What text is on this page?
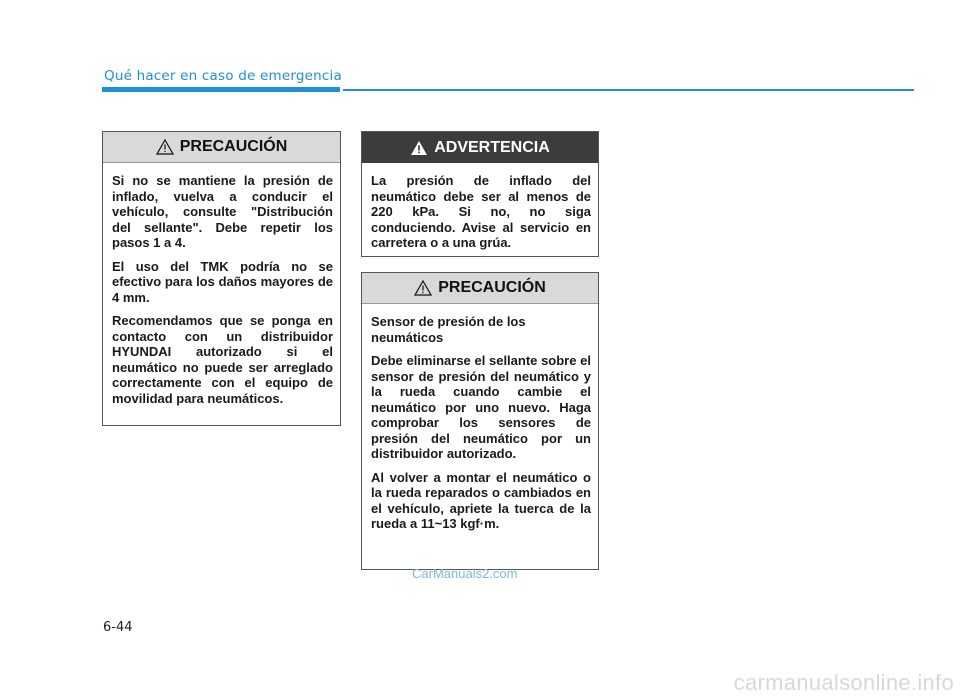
Qué hacer en caso de emergencia
PRECAUCIÓN

Si no se mantiene la presión de inflado, vuelva a conducir el vehículo, consulte "Distribución del sellante". Debe repetir los pasos 1 a 4.

El uso del TMK podría no se efectivo para los daños mayores de 4 mm.

Recomendamos que se ponga en contacto con un distribuidor HYUNDAI autorizado si el neumático no puede ser arreglado correctamente con el equipo de movilidad para neumáticos.

ADVERTENCIA

La presión de inflado del neumático debe ser al menos de 220 kPa. Si no, no siga conduciendo. Avise al servicio en carretera o a una grúa.

PRECAUCIÓN

Sensor de presión de los neumáticos

Debe eliminarse el sellante sobre el sensor de presión del neumático y la rueda cuando cambie el neumático por uno nuevo. Haga comprobar los sensores de presión del neumático por un distribuidor autorizado.

Al volver a montar el neumático o la rueda reparados o cambiados en el vehículo, apriete la tuerca de la rueda a 11~13 kgf·m.

CarManuals2.com
6-44
carmanualsonline.info
